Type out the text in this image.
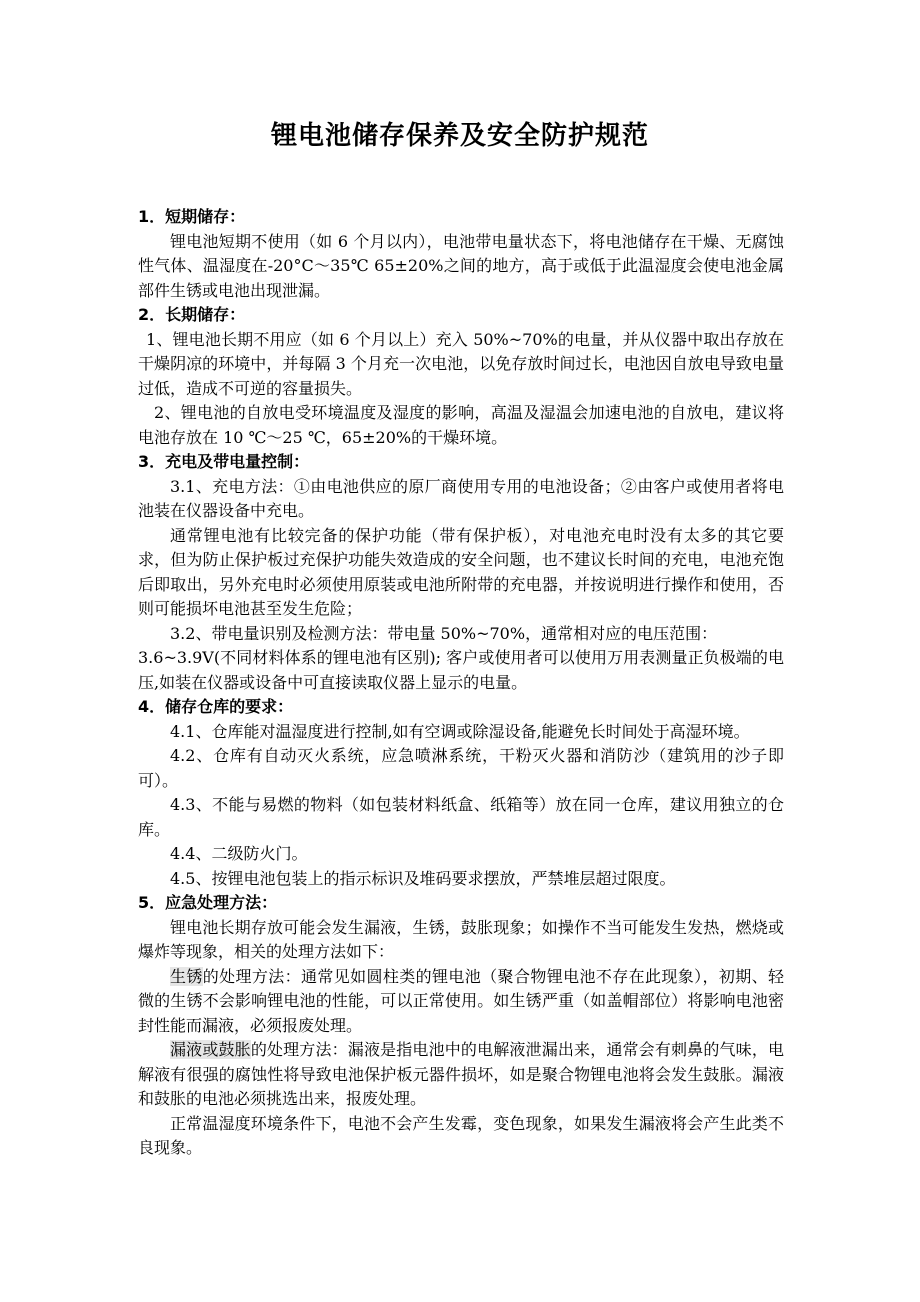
锂电池储存保养及安全防护规范

1．短期储存：

锂电池短期不使用（如 6 个月以内），电池带电量状态下，将电池储存在干燥、无腐蚀性气体、温湿度在-20°C～35℃ 65±20%之间的地方，高于或低于此温湿度会使电池金属部件生锈或电池出现泄漏。

2．长期储存：

1、锂电池长期不用应（如 6 个月以上）充入 50%~70%的电量，并从仪器中取出存放在干燥阴凉的环境中，并每隔 3 个月充一次电池，以免存放时间过长，电池因自放电导致电量过低，造成不可逆的容量损失。

2、锂电池的自放电受环境温度及湿度的影响，高温及湿温会加速电池的自放电，建议将电池存放在 10 ℃～25 ℃，65±20%的干燥环境。

3．充电及带电量控制：

3.1、充电方法：①由电池供应的原厂商使用专用的电池设备；②由客户或使用者将电池装在仪器设备中充电。

通常锂电池有比较完备的保护功能（带有保护板），对电池充电时没有太多的其它要求，但为防止保护板过充保护功能失效造成的安全问题，也不建议长时间的充电，电池充饱后即取出，另外充电时必须使用原装或电池所附带的充电器，并按说明进行操作和使用，否则可能损坏电池甚至发生危险；

3.2、带电量识别及检测方法：带电量 50%~70%，通常相对应的电压范围：

3.6~3.9V(不同材料体系的锂电池有区别); 客户或使用者可以使用万用表测量正负极端的电压,如装在仪器或设备中可直接读取仪器上显示的电量。

4．储存仓库的要求：

4.1、仓库能对温湿度进行控制,如有空调或除湿设备,能避免长时间处于高湿环境。

4.2、仓库有自动灭火系统，应急喷淋系统，干粉灭火器和消防沙（建筑用的沙子即可）。

4.3、不能与易燃的物料（如包装材料纸盒、纸箱等）放在同一仓库，建议用独立的仓库。

4.4、二级防火门。

4.5、按锂电池包装上的指示标识及堆码要求摆放，严禁堆层超过限度。

5．应急处理方法：

锂电池长期存放可能会发生漏液，生锈，鼓胀现象；如操作不当可能发生发热，燃烧或爆炸等现象，相关的处理方法如下：

生锈的处理方法：通常见如圆柱类的锂电池（聚合物锂电池不存在此现象），初期、轻微的生锈不会影响锂电池的性能，可以正常使用。如生锈严重（如盖帽部位）将影响电池密封性能而漏液，必须报废处理。

漏液或鼓胀的处理方法：漏液是指电池中的电解液泄漏出来，通常会有刺鼻的气味，电解液有很强的腐蚀性将导致电池保护板元器件损坏，如是聚合物锂电池将会发生鼓胀。漏液和鼓胀的电池必须挑选出来，报废处理。

正常温湿度环境条件下，电池不会产生发霉，变色现象，如果发生漏液将会产生此类不良现象。
